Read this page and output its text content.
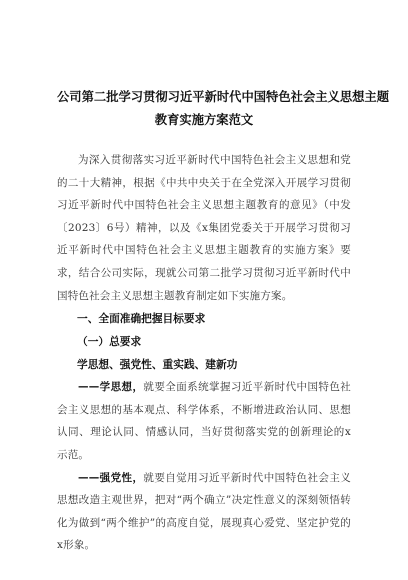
公司第二批学习贯彻习近平新时代中国特色社会主义思想主题
教育实施方案范文

为深入贯彻落实习近平新时代中国特色社会主义思想和党的二十大精神，根据《中共中央关于在全党深入开展学习贯彻习近平新时代中国特色社会主义思想主题教育的意见》（中发〔2023〕6号）精神，以及《x集团党委关于开展学习贯彻习近平新时代中国特色社会主义思想主题教育的实施方案》要求，结合公司实际，现就公司第二批学习贯彻习近平新时代中国特色社会主义思想主题教育制定如下实施方案。

一、全面准确把握目标要求
（一）总要求
学思想、强党性、重实践、建新功

——学思想，就要全面系统掌握习近平新时代中国特色社会主义思想的基本观点、科学体系，不断增进政治认同、思想认同、理论认同、情感认同，当好贯彻落实党的创新理论的x示范。

——强党性，就要自觉用习近平新时代中国特色社会主义思想改造主观世界，把对“两个确立”决定性意义的深刻领悟转化为做到“两个维护”的高度自觉，展现真心爱党、坚定护党的x形象。
